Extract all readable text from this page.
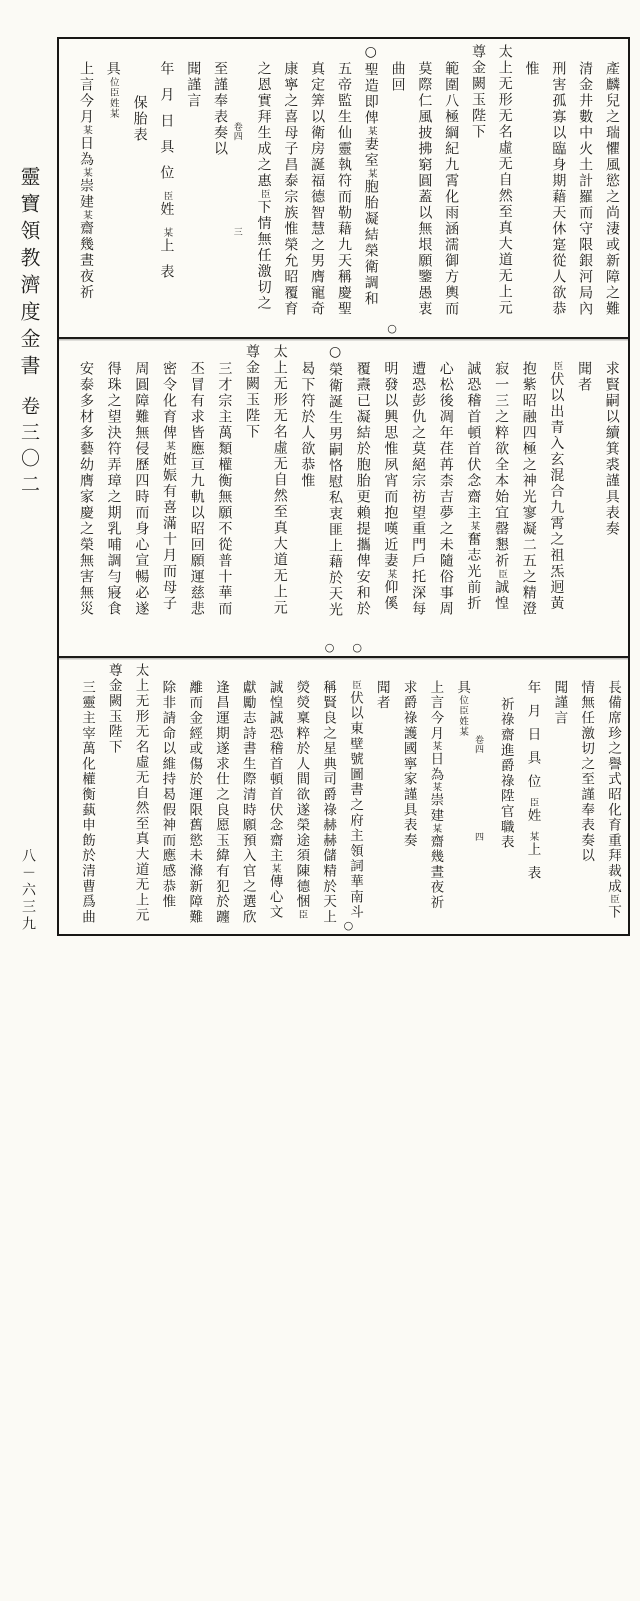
靈寶領教濟度金書卷三〇二
八－六三九
產麟兒之瑞懼風慾之尚淒或新障之難
清金井數中火土計羅而守限銀河局內
刑害孤寡以臨身期藉天休寔從人欲恭
惟
太上无形无名虛无自然至真大道无上元
尊金闕玉陛下
範圍八極綱紀九霄化雨涵濡御方輿而
莫際仁風披拂窮圓蓋以無垠願鑒愚衷
曲回
○
○聖造即俾某妻室某胞胎凝結榮衛調和
五帝監生仙靈執符而勒藉九天稱慶聖
真定筭以衛房誕福德智慧之男膺寵奇
康寧之喜母子昌泰宗族惟榮允昭覆育
之恩實拜生成之惠臣下情無任激切之
卷四
三
至謹奉表奏以
聞謹言
年月日具位臣姓某上表
保胎表
具位臣姓某
上言今月某日為某崇建某齋幾晝夜祈
求賢嗣以續箕裘謹具表奏
聞者
臣伏以出青入玄混合九霄之祖炁迥黃
抱紫昭融四極之神光寥凝二五之精澄
寂一三之粹欲全本始宜罄懇祈臣誠惶
誠恐稽首頓首伏念齋主某奮志光前折
心松後凋年荏苒柰吉夢之未隨俗事周
遭恐彭仇之莫絕宗祊望重門戶托深每
明發以興思惟夙宵而抱嘆近妻某仰傒
覆燾已凝結於胞胎更賴提攜俾安和於
○
○榮衛誕生男嗣恪慰私衷匪上藉於天光
○
曷下符於人欲恭惟
太上无形无名虛无自然至真大道无上元
尊金闕玉陛下
三才宗主萬類權衡無願不從普十華而
丕冒有求皆應亘九軌以昭回願運慈悲
密令化育俾某姙娠有喜滿十月而母子
周圓障難無侵歷四時而身心宣暢必遂
得珠之望決符弄璋之期乳哺調勻寢食
安泰多材多藝幼膺家慶之榮無害無災
長備席珍之譽式昭化育重拜裁成臣下
情無任激切之至謹奉表奏以
聞謹言
年月日具位臣姓某上表
祈祿齋進爵祿陞官職表
卷四
四
具位臣姓某
上言今月某日為某崇建某齋幾晝夜祈
求爵祿護國寧家謹具表奏
聞者
臣伏以東壁號圖書之府主領詞華南斗
○
稱賢良之星典司爵祿赫赫儲精於天上
熒熒稟粹於人間欲遂榮途須陳德悃臣
誠惶誠恐稽首頓首伏念齋主某傳心文
獻勵志詩書生際清時願預入官之選欣
逢昌運期遂求仕之良愿玉緯有犯於躔
離而金經或傷於運限舊慾未滌新障難
除非請命以維持曷假神而應感恭惟
太上无形无名虛无自然至真大道无上元
尊金闕玉陛下
三靈主宰萬化權衡蓺申飭於清曹爲曲
